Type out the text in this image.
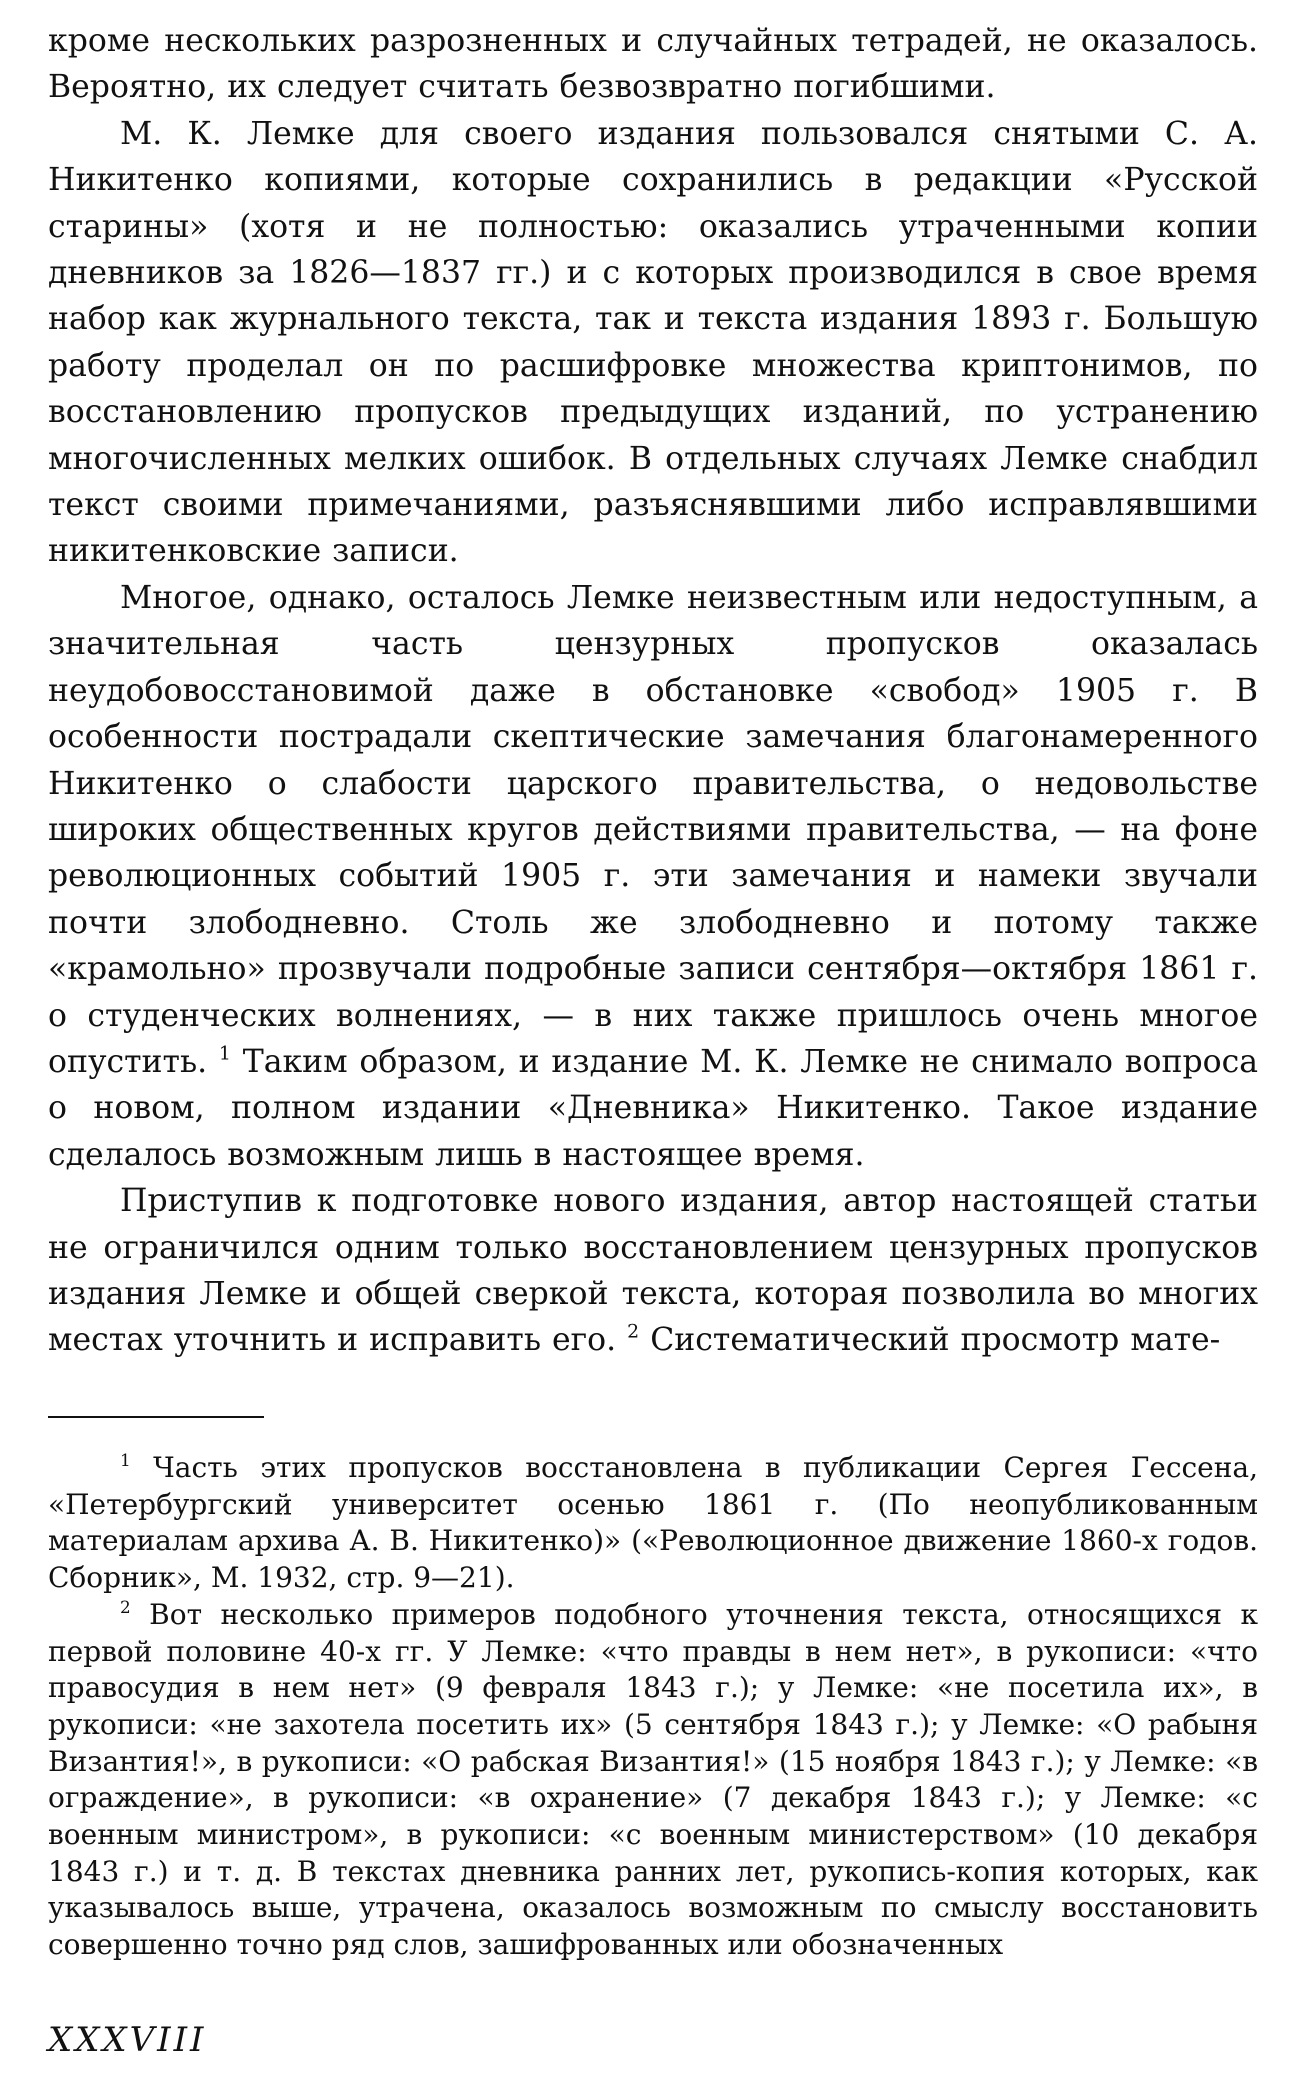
кроме нескольких разрозненных и случайных тетрадей, не оказалось. Вероятно, их следует считать безвозвратно погибшими.

М. К. Лемке для своего издания пользовался снятыми С. А. Никитенко копиями, которые сохранились в редакции «Русской старины» (хотя и не полностью: оказались утраченными копии дневников за 1826—1837 гг.) и с которых производился в свое время набор как журнального текста, так и текста издания 1893 г. Большую работу проделал он по расшифровке множества криптонимов, по восстановлению пропусков предыдущих изданий, по устранению многочисленных мелких ошибок. В отдельных случаях Лемке снабдил текст своими примечаниями, разъяснявшими либо исправлявшими никитенковские записи.

Многое, однако, осталось Лемке неизвестным или недоступным, а значительная часть цензурных пропусков оказалась неудобовосстановимой даже в обстановке «свобод» 1905 г. В особенности пострадали скептические замечания благонамеренного Никитенко о слабости царского правительства, о недовольстве широких общественных кругов действиями правительства, — на фоне революционных событий 1905 г. эти замечания и намеки звучали почти злободневно. Столь же злободневно и потому также «крамольно» прозвучали подробные записи сентября—октября 1861 г. о студенческих волнениях, — в них также пришлось очень многое опустить. $^1$ Таким образом, и издание М. К. Лемке не снимало вопроса о новом, полном издании «Дневника» Никитенко. Такое издание сделалось возможным лишь в настоящее время.

Приступив к подготовке нового издания, автор настоящей статьи не ограничился одним только восстановлением цензурных пропусков издания Лемке и общей сверкой текста, которая позволила во многих местах уточнить и исправить его. $^2$ Систематический просмотр мате-

$^1$ Часть этих пропусков восстановлена в публикации Сергея Гессена, «Петербургский университет осенью 1861 г. (По неопубликованным материалам архива А. В. Никитенко)» («Революционное движение 1860-х годов. Сборник», М. 1932, стр. 9—21).

$^2$ Вот несколько примеров подобного уточнения текста, относящихся к первой половине 40-х гг. У Лемке: «что правды в нем нет», в рукописи: «что правосудия в нем нет» (9 февраля 1843 г.); у Лемке: «не посетила их», в рукописи: «не захотела посетить их» (5 сентября 1843 г.); у Лемке: «О рабыня Византия!», в рукописи: «О рабская Византия!» (15 ноября 1843 г.); у Лемке: «в ограждение», в рукописи: «в охранение» (7 декабря 1843 г.); у Лемке: «с военным министром», в рукописи: «с военным министерством» (10 декабря 1843 г.) и т. д. В текстах дневника ранних лет, рукопись-копия которых, как указывалось выше, утрачена, оказалось возможным по смыслу восстановить совершенно точно ряд слов, зашифрованных или обозначенных

XXXVIII
